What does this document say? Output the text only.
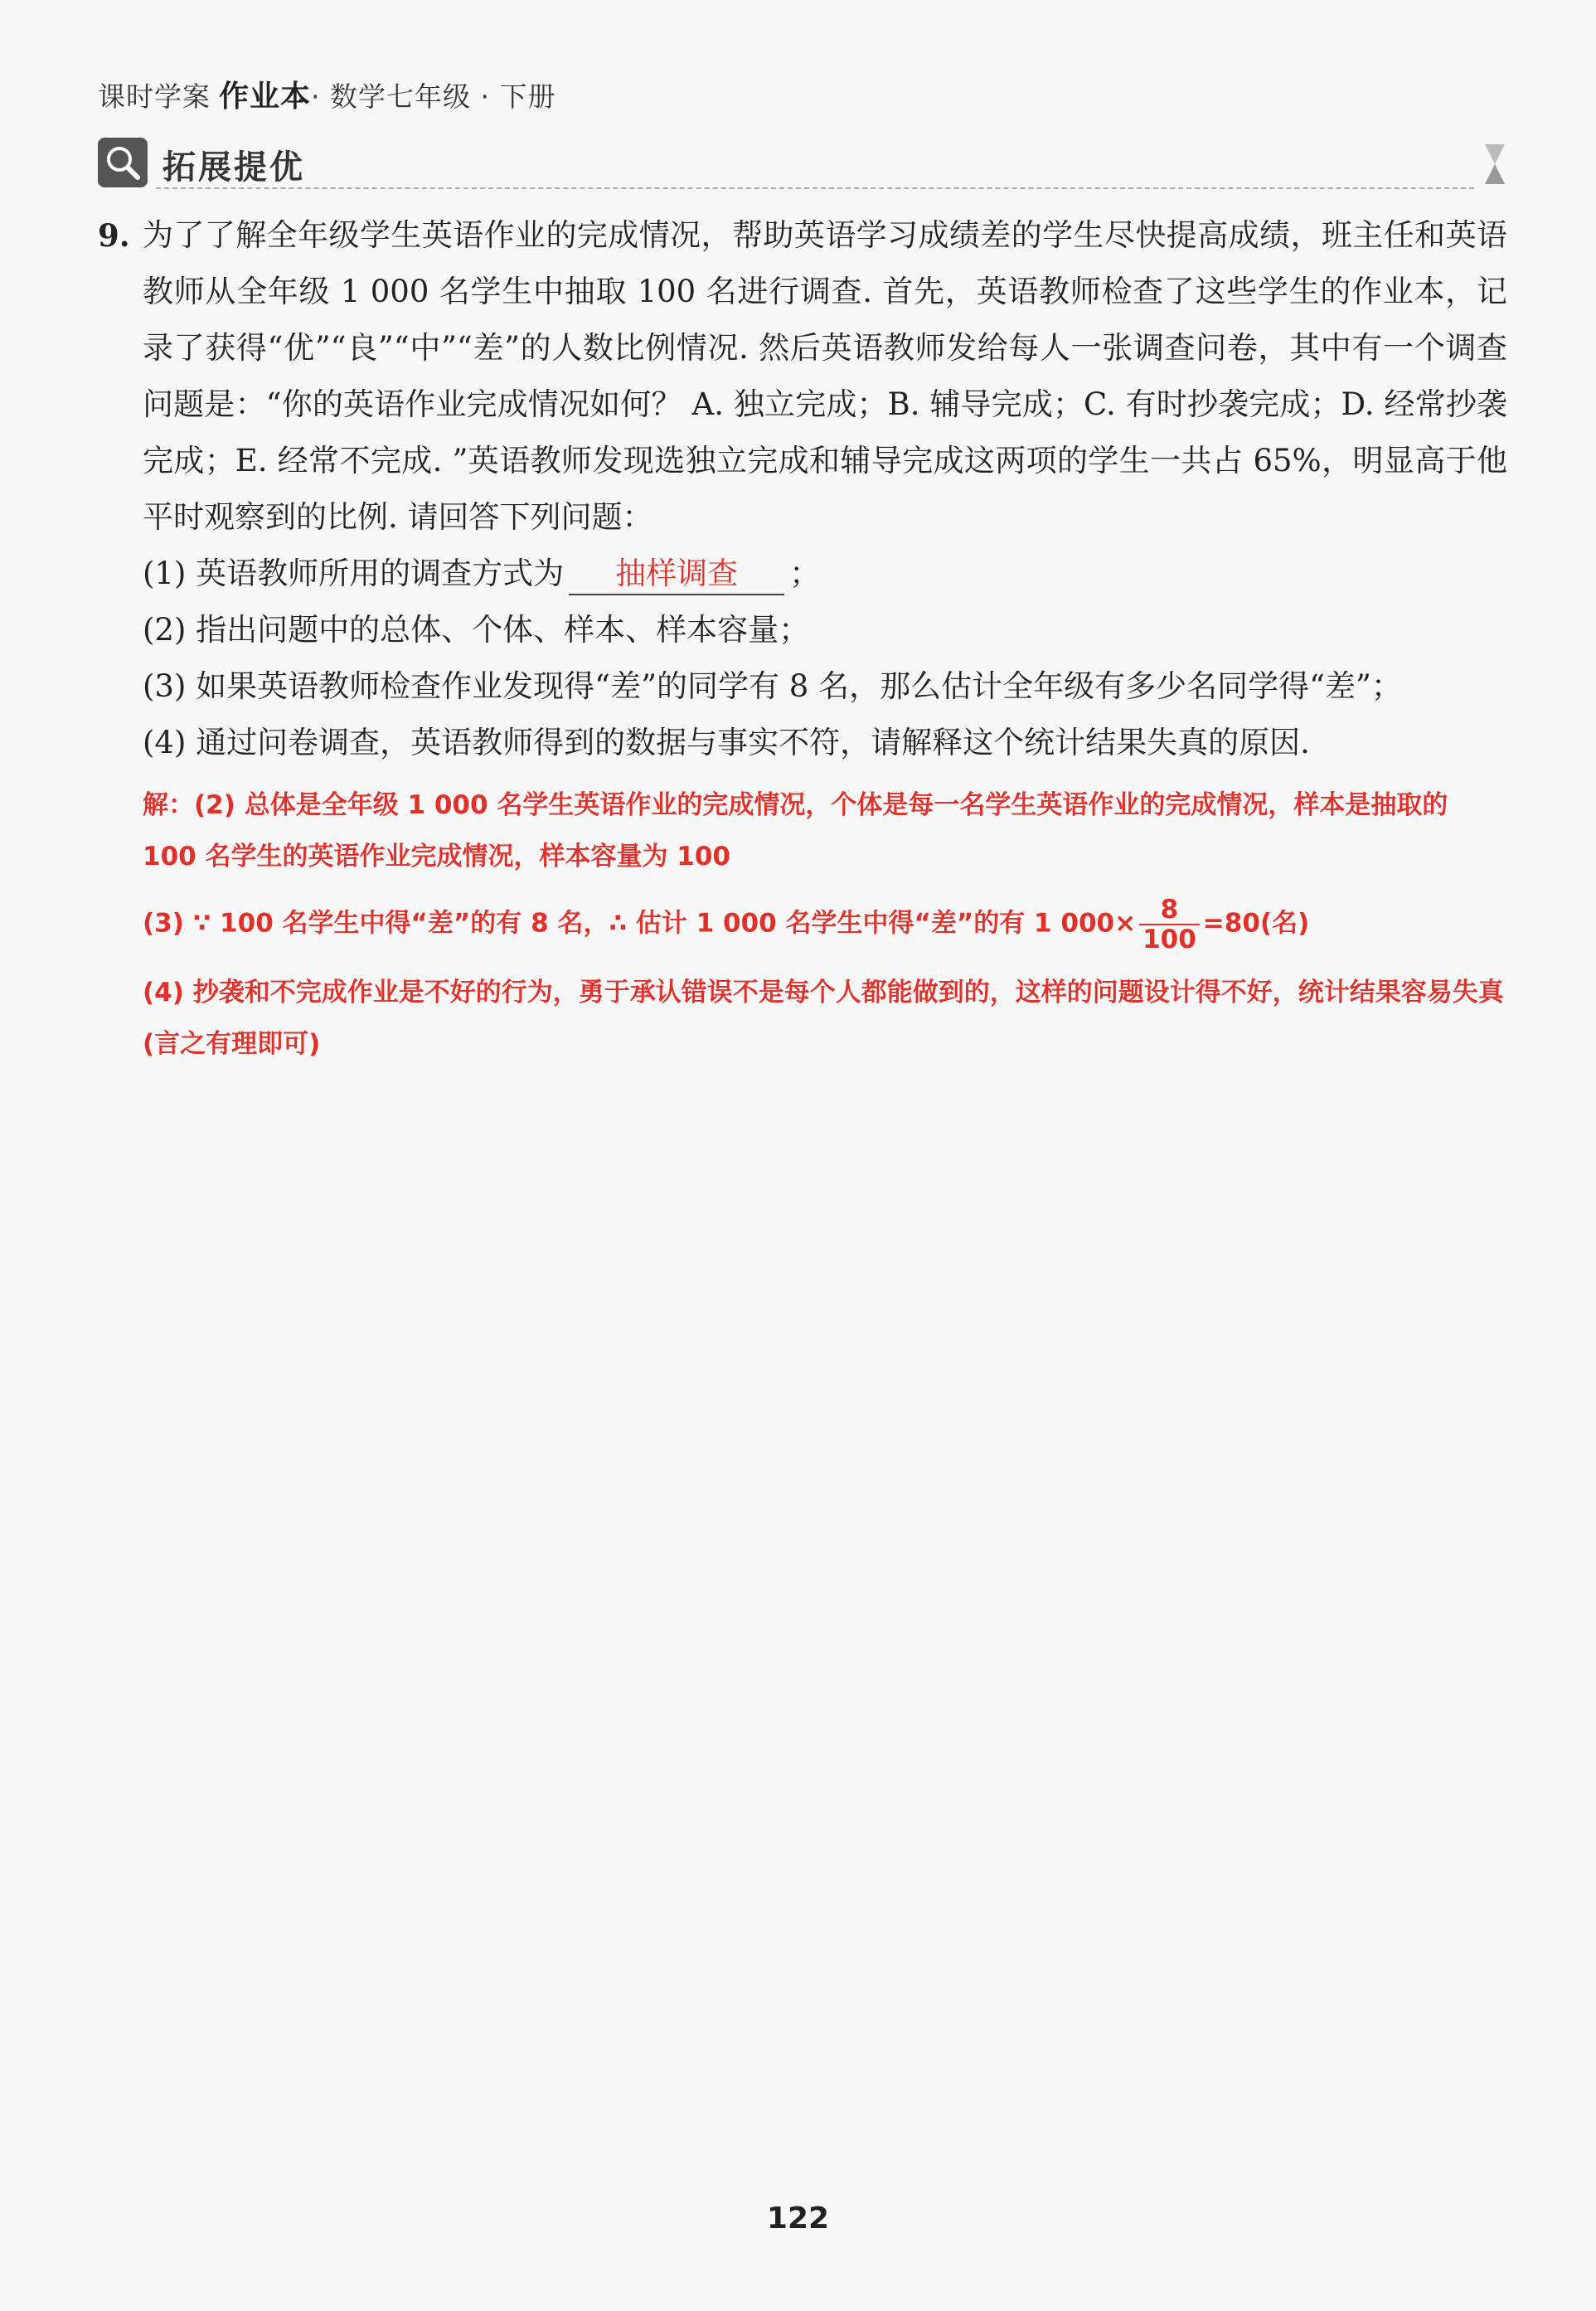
课时学案 作业本· 数学七年级 · 下册
拓展提优
9. 为了了解全年级学生英语作业的完成情况，帮助英语学习成绩差的学生尽快提高成绩，班主任和英语教师从全年级 1 000 名学生中抽取 100 名进行调查. 首先，英语教师检查了这些学生的作业本，记录了获得“优”“良”“中”“差”的人数比例情况. 然后英语教师发给每人一张调查问卷，其中有一个调查问题是：“你的英语作业完成情况如何？ A. 独立完成；B. 辅导完成；C. 有时抄袭完成；D. 经常抄袭完成；E. 经常不完成. ”英语教师发现选独立完成和辅导完成这两项的学生一共占 65%，明显高于他平时观察到的比例. 请回答下列问题：
(1) 英语教师所用的调查方式为 抽样调查 ；
(2) 指出问题中的总体、个体、样本、样本容量；
(3) 如果英语教师检查作业发现得“差”的同学有 8 名，那么估计全年级有多少名同学得“差”；
(4) 通过问卷调查，英语教师得到的数据与事实不符，请解释这个统计结果失真的原因.

解：(2) 总体是全年级 1 000 名学生英语作业的完成情况，个体是每一名学生英语作业的完成情况，样本是抽取的 100 名学生的英语作业完成情况，样本容量为 100

(3) ∵ 100 名学生中得“差”的有 8 名，∴ 估计 1 000 名学生中得“差”的有 1 $000\times \frac{8}{100} =80$(名)

(4) 抄袭和不完成作业是不好的行为，勇于承认错误不是每个人都能做到的，这样的问题设计得不好，统计结果容易失真(言之有理即可)

122
